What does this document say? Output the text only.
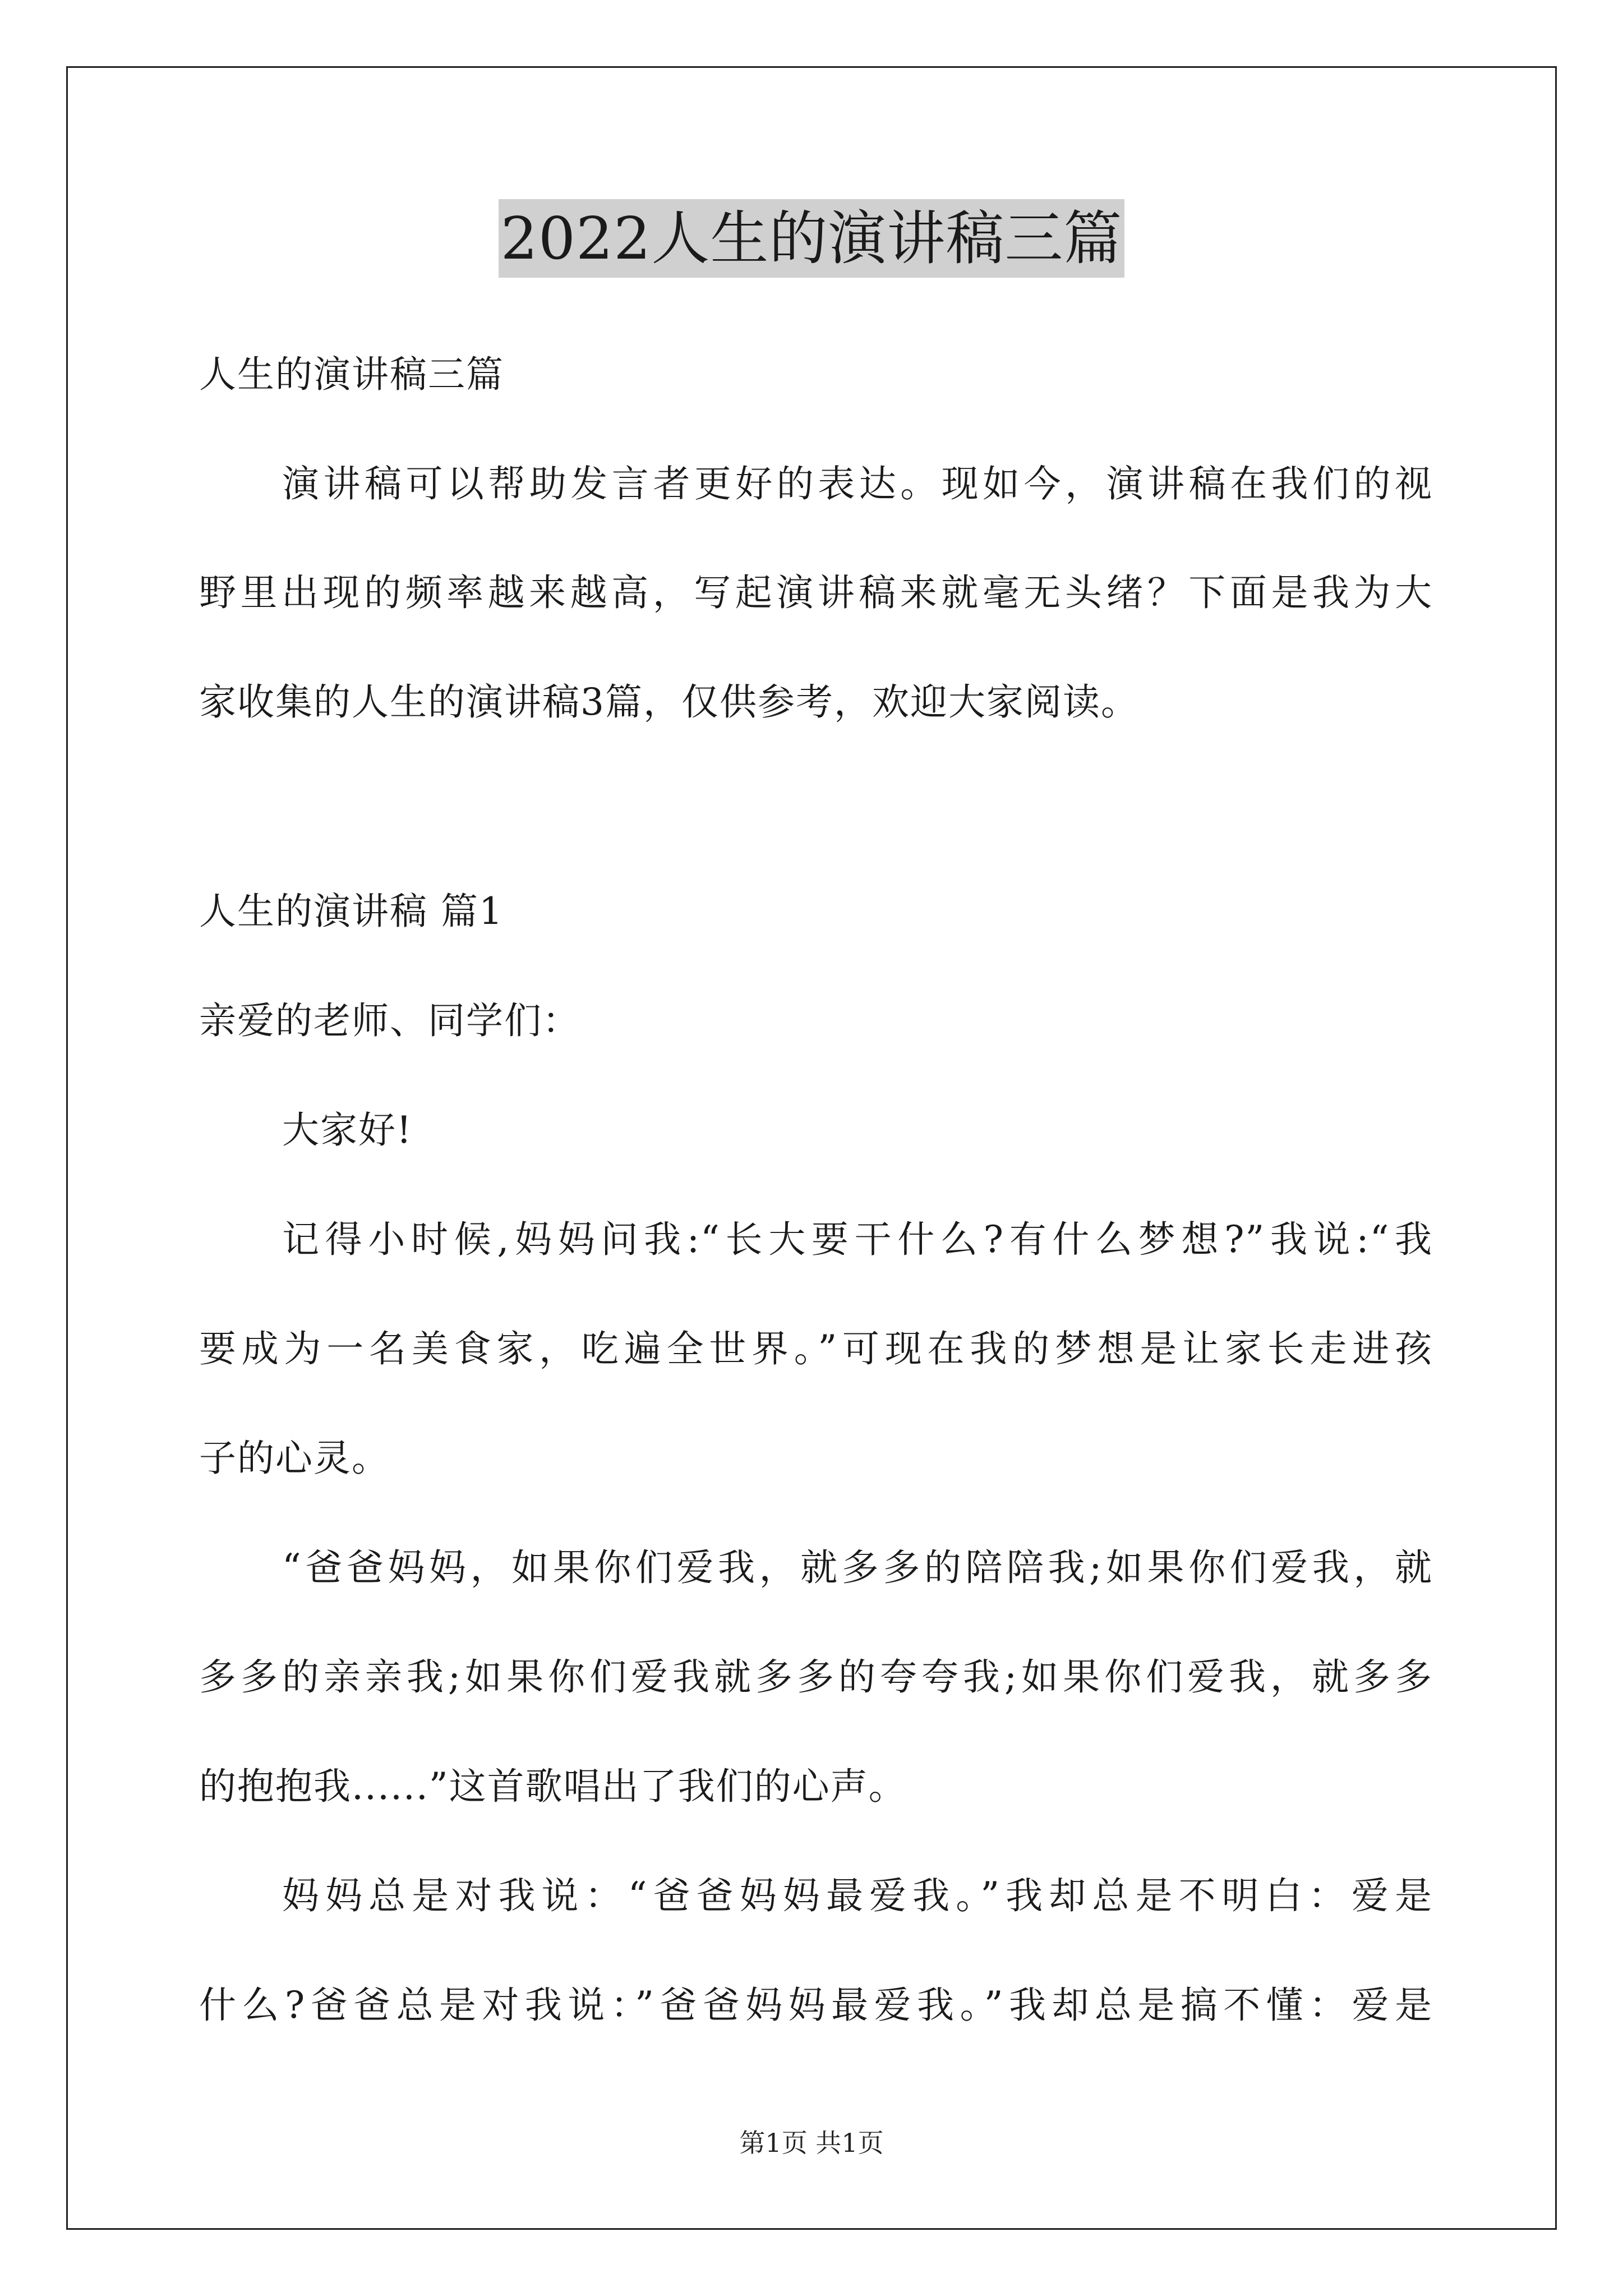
2022人生的演讲稿三篇
人生的演讲稿三篇
演讲稿可以帮助发言者更好的表达。现如今，演讲稿在我们的视
野里出现的频率越来越高，写起演讲稿来就毫无头绪？下面是我为大
家收集的人生的演讲稿3篇，仅供参考，欢迎大家阅读。
人生的演讲稿 篇1
亲爱的老师、同学们：
大家好!
记得小时候,妈妈问我:“长大要干什么?有什么梦想?”我说:“我
要成为一名美食家，吃遍全世界。”可现在我的梦想是让家长走进孩
子的心灵。
“爸爸妈妈，如果你们爱我，就多多的陪陪我;如果你们爱我，就
多多的亲亲我;如果你们爱我就多多的夸夸我;如果你们爱我，就多多
的抱抱我......”这首歌唱出了我们的心声。
妈妈总是对我说：“爸爸妈妈最爱我。”我却总是不明白：爱是
什么?爸爸总是对我说：”爸爸妈妈最爱我。”我却总是搞不懂：爱是
第1页 共1页
